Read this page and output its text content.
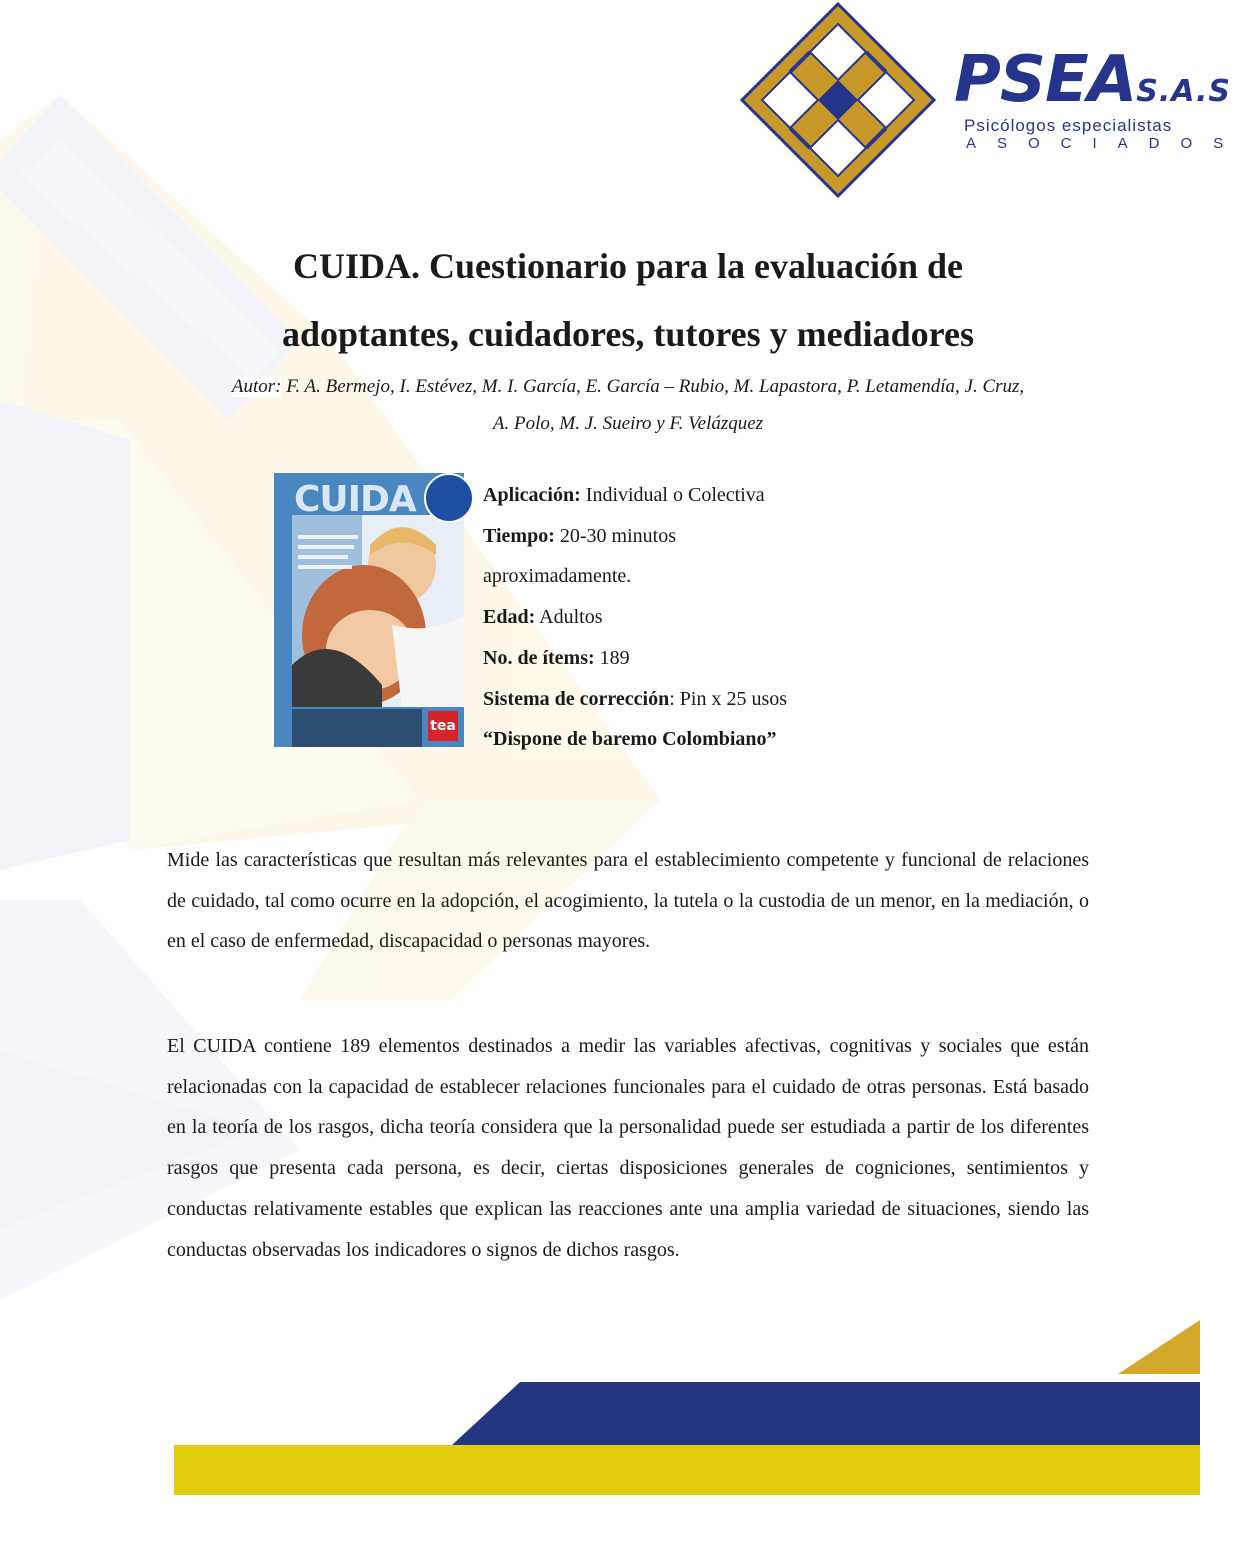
PSEAS.A.S
Psicólogos especialistas
ASOCIADOS
CUIDA. Cuestionario para la evaluación de
adoptantes, cuidadores, tutores y mediadores
Autor: F. A. Bermejo, I. Estévez, M. I. García, E. García – Rubio, M. Lapastora, P. Letamendía, J. Cruz,
A. Polo, M. J. Sueiro y F. Velázquez
CUIDA
tea
Aplicación: Individual o Colectiva
Tiempo: 20-30 minutos
aproximadamente.
Edad: Adultos
No. de ítems: 189
Sistema de corrección: Pin x 25 usos
“Dispone de baremo Colombiano”

Mide las características que resultan más relevantes para el establecimiento competente y funcional de relaciones de cuidado, tal como ocurre en la adopción, el acogimiento, la tutela o la custodia de un menor, en la mediación, o en el caso de enfermedad, discapacidad o personas mayores.

El CUIDA contiene 189 elementos destinados a medir las variables afectivas, cognitivas y sociales que están relacionadas con la capacidad de establecer relaciones funcionales para el cuidado de otras personas. Está basado en la teoría de los rasgos, dicha teoría considera que la personalidad puede ser estudiada a partir de los diferentes rasgos que presenta cada persona, es decir, ciertas disposiciones generales de cogniciones, sentimientos y conductas relativamente estables que explican las reacciones ante una amplia variedad de situaciones, siendo las conductas observadas los indicadores o signos de dichos rasgos.
